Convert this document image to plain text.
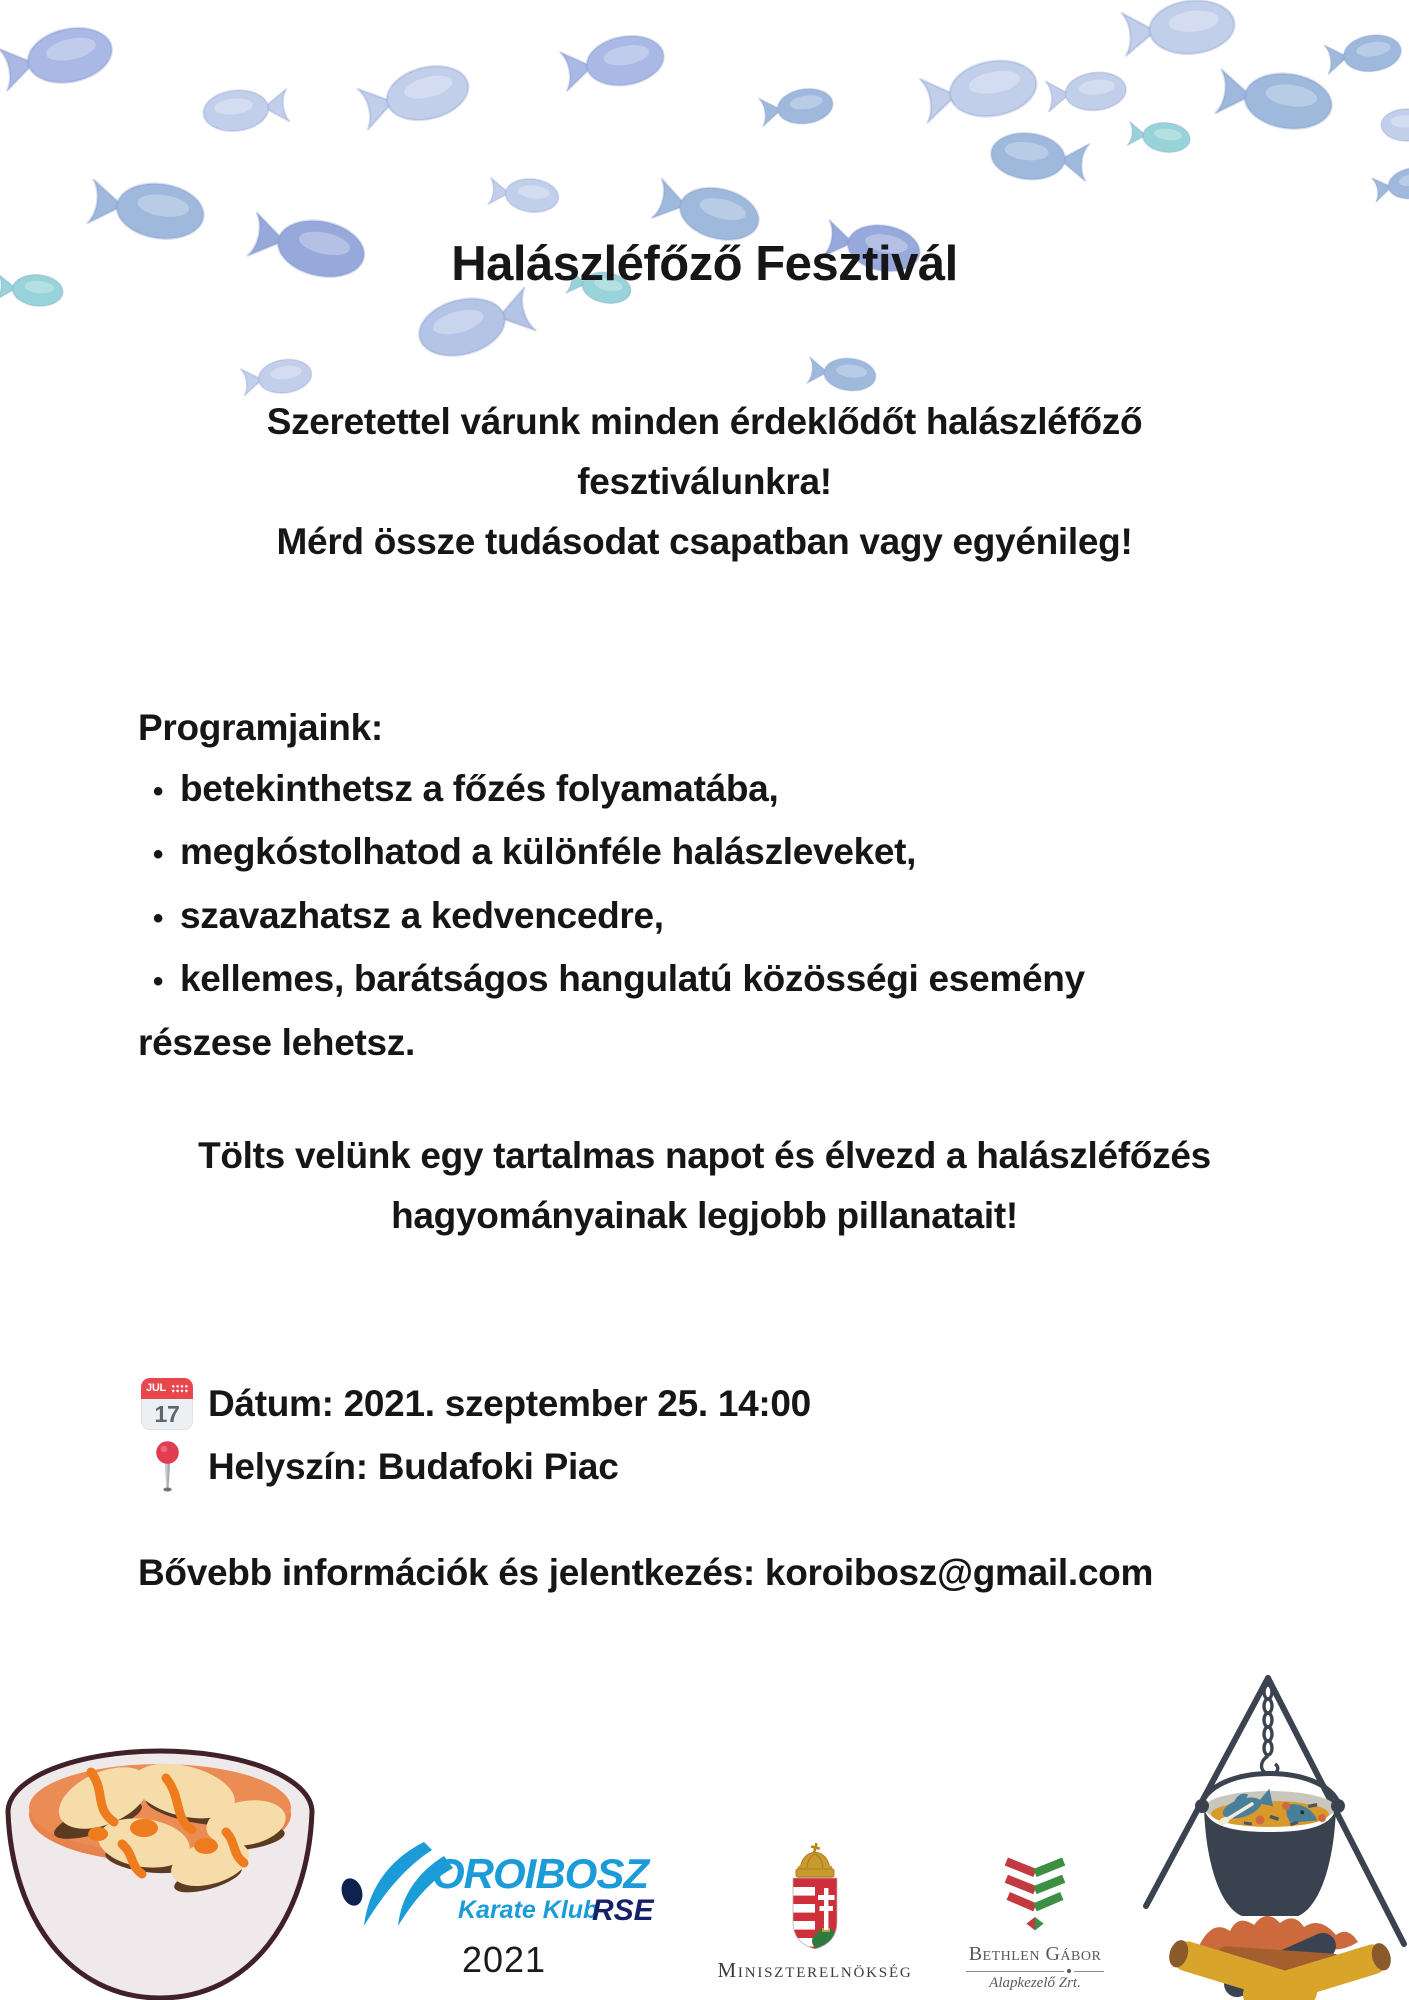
Halászléfőző Fesztivál
Szeretettel várunk minden érdeklődőt halászléfőző
fesztiválunkra!
Mérd össze tudásodat csapatban vagy egyénileg!
Programjaink:
• betekinthetsz a főzés folyamatába,
• megkóstolhatod a különféle halászleveket,
• szavazhatsz a kedvencedre,
• kellemes, barátságos hangulatú közösségi esemény
részese lehetsz.
Tölts velünk egy tartalmas napot és élvezd a halászléfőzés
hagyományainak legjobb pillanatait!
JUL
17 Dátum: 2021. szeptember 25. 14:00
Helyszín: Budafoki Piac
Bővebb információk és jelentkezés: koroibosz@gmail.com
OROIBOSZ
Karate Klub
RSE
2021	Miniszterelnökség
Bethlen Gábor
Alapkezelő Zrt.
